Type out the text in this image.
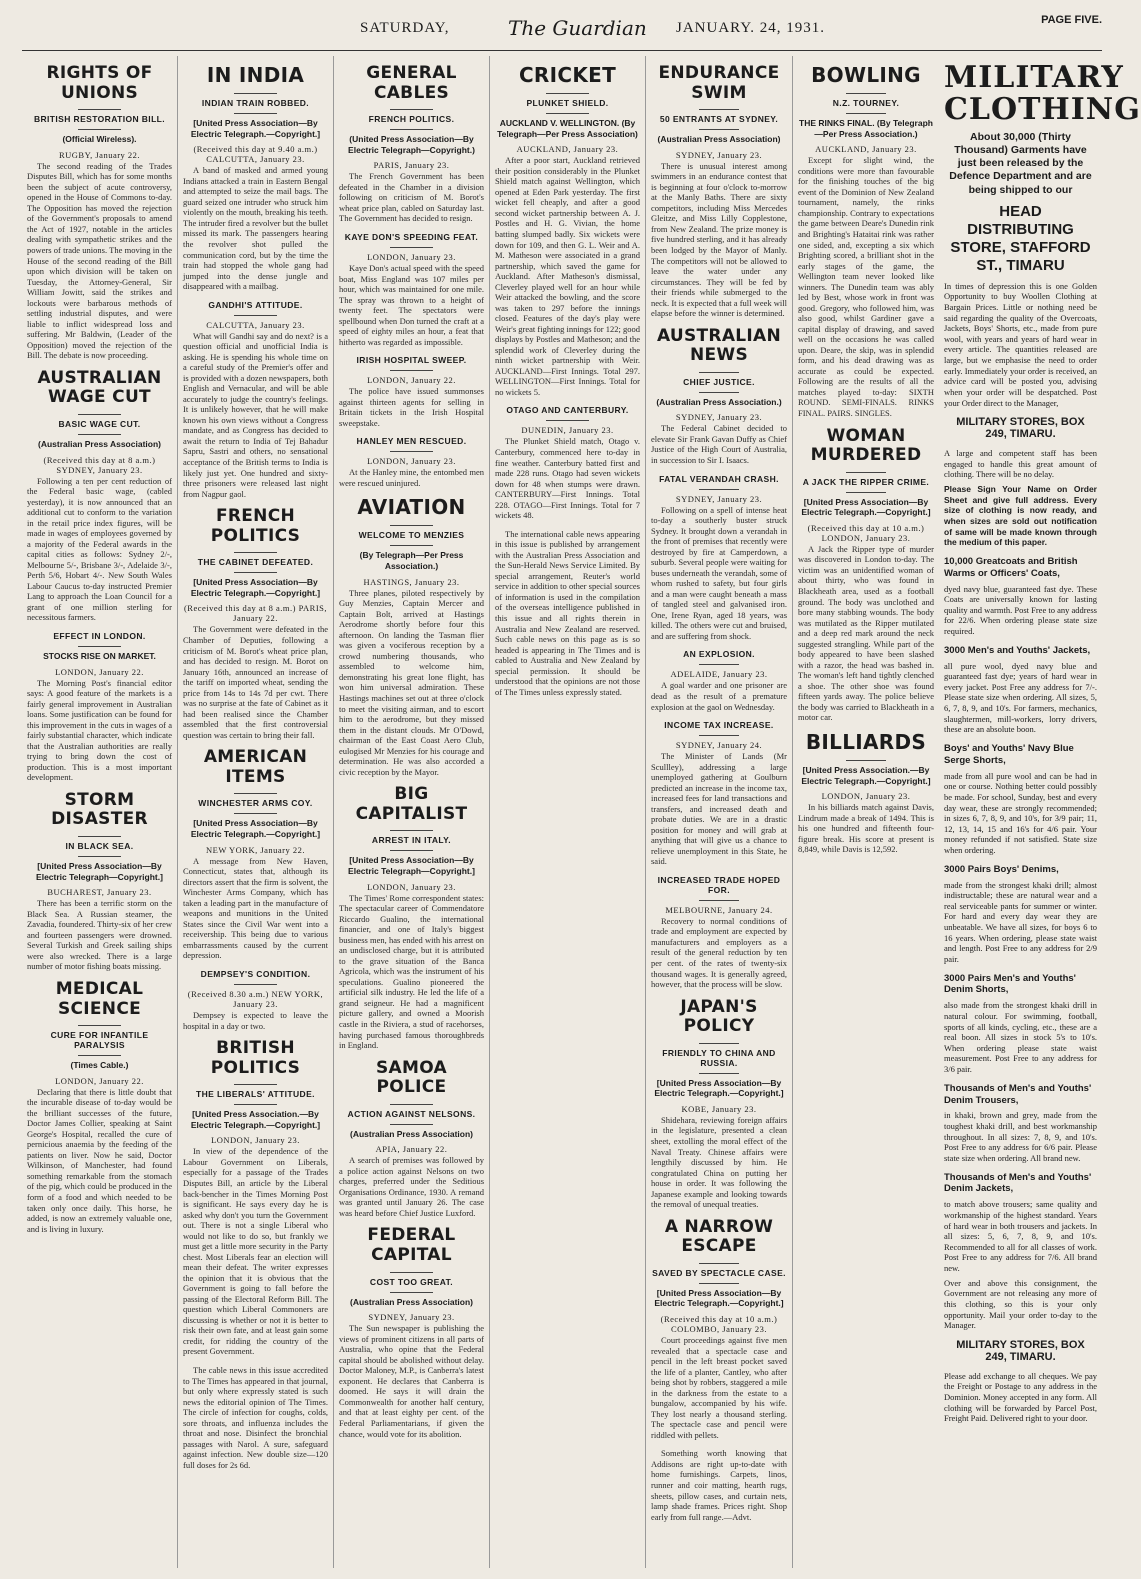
SATURDAY,	The Guardian JANUARY. 24, 1931.	PAGE FIVE.
RIGHTS OF UNIONS
BRITISH RESTORATION BILL.
(Official Wireless).
RUGBY, January 22.

The second reading of the Trades Disputes Bill, which has for some months been the subject of acute controversy, opened in the House of Commons to-day. The Opposition has moved the rejection of the Government's proposals to amend the Act of 1927, notable in the articles dealing with sympathetic strikes and the powers of trade unions. The moving in the House of the second reading of the Bill upon which division will be taken on Tuesday, the Attorney-General, Sir William Jowitt, said the strikes and lockouts were barbarous methods of settling industrial disputes, and were liable to inflict widespread loss and suffering. Mr Baldwin, (Leader of the Opposition) moved the rejection of the Bill. The debate is now proceeding.

AUSTRALIAN WAGE CUT
BASIC WAGE CUT.
(Australian Press Association)
(Received this day at 8 a.m.) SYDNEY, January 23.

Following a ten per cent reduction of the Federal basic wage, (cabled yesterday), it is now announced that an additional cut to conform to the variation in the retail price index figures, will be made in wages of employees governed by a majority of the Federal awards in the capital cities as follows: Sydney 2/-, Melbourne 5/-, Brisbane 3/-, Adelaide 3/-, Perth 5/6, Hobart 4/-. New South Wales Labour Caucus to-day instructed Premier Lang to approach the Loan Council for a grant of one million sterling for necessitous farmers.

EFFECT IN LONDON.
STOCKS RISE ON MARKET.
LONDON, January 22.

The Morning Post's financial editor says: A good feature of the markets is a fairly general improvement in Australian loans. Some justification can be found for this improvement in the cuts in wages of a fairly substantial character, which indicate that the Australian authorities are really trying to bring down the cost of production. This is a most important development.

STORM DISASTER
IN BLACK SEA.
[United Press Association—By Electric Telegraph—Copyright.]
BUCHAREST, January 23.

There has been a terrific storm on the Black Sea. A Russian steamer, the Zavadia, foundered. Thirty-six of her crew and fourteen passengers were drowned. Several Turkish and Greek sailing ships were also wrecked. There is a large number of motor fishing boats missing.

MEDICAL SCIENCE
CURE FOR INFANTILE PARALYSIS
(Times Cable.)
LONDON, January 22.

Declaring that there is little doubt that the incurable disease of to-day would be the brilliant successes of the future, Doctor James Collier, speaking at Saint George's Hospital, recalled the cure of pernicious anaemia by the feeding of the patients on liver. Now he said, Doctor Wilkinson, of Manchester, had found something remarkable from the stomach of the pig, which could be produced in the form of a food and which needed to be taken only once daily. This horse, he added, is now an extremely valuable one, and is living in luxury.

IN INDIA
INDIAN TRAIN ROBBED.
[United Press Association—By Electric Telegraph.—Copyright.]
(Received this day at 9.40 a.m.) CALCUTTA, January 23.

A band of masked and armed young Indians attacked a train in Eastern Bengal and attempted to seize the mail bags. The guard seized one intruder who struck him violently on the mouth, breaking his teeth. The intruder fired a revolver but the bullet missed its mark. The passengers hearing the revolver shot pulled the communication cord, but by the time the train had stopped the whole gang had jumped into the dense jungle and disappeared with a mailbag.

GANDHI'S ATTITUDE.
CALCUTTA, January 23.

What will Gandhi say and do next? is a question official and unofficial India is asking. He is spending his whole time on a careful study of the Premier's offer and is provided with a dozen newspapers, both English and Vernacular, and will be able accurately to judge the country's feelings. It is unlikely however, that he will make known his own views without a Congress mandate, and as Congress has decided to await the return to India of Tej Bahadur Sapru, Sastri and others, no sensational acceptance of the British terms to India is likely just yet. One hundred and sixty-three prisoners were released last night from Nagpur gaol.

FRENCH POLITICS
THE CABINET DEFEATED.
[United Press Association—By Electric Telegraph.—Copyright.]
(Received this day at 8 a.m.) PARIS, January 22.

The Government were defeated in the Chamber of Deputies, following a criticism of M. Borot's wheat price plan, and has decided to resign. M. Borot on January 16th, announced an increase of the tariff on imported wheat, sending the price from 14s to 14s 7d per cwt. There was no surprise at the fate of Cabinet as it had been realised since the Chamber assembled that the first controversial question was certain to bring their fall.

AMERICAN ITEMS
WINCHESTER ARMS COY.
[United Press Association—By Electric Telegraph.—Copyright.]
NEW YORK, January 22.

A message from New Haven, Connecticut, states that, although its directors assert that the firm is solvent, the Winchester Arms Company, which has taken a leading part in the manufacture of weapons and munitions in the United States since the Civil War went into a receivership. This being due to various embarrassments caused by the current depression.

DEMPSEY'S CONDITION.
(Received 8.30 a.m.) NEW YORK, January 23.

Dempsey is expected to leave the hospital in a day or two.

BRITISH POLITICS
THE LIBERALS' ATTITUDE.
[United Press Association.—By Electric Telegraph.—Copyright.]
LONDON, January 23.

In view of the dependence of the Labour Government on Liberals, especially for a passage of the Trades Disputes Bill, an article by the Liberal back-bencher in the Times Morning Post is significant. He says every day he is asked why don't you turn the Government out. There is not a single Liberal who would not like to do so, but frankly we must get a little more security in the Party chest. Most Liberals fear an election will mean their defeat. The writer expresses the opinion that it is obvious that the Government is going to fall before the passing of the Electoral Reform Bill. The question which Liberal Commoners are discussing is whether or not it is better to risk their own fate, and at least gain some credit, for ridding the country of the present Government.

The cable news in this issue accredited to The Times has appeared in that journal, but only where expressly stated is such news the editorial opinion of The Times. The circle of infection for coughs, colds, sore throats, and influenza includes the throat and nose. Disinfect the bronchial passages with Narol. A sure, safeguard against infection. New double size—120 full doses for 2s 6d.

GENERAL CABLES
FRENCH POLITICS.
(United Press Association—By Electric Telegraph—Copyright.)
PARIS, January 23.

The French Government has been defeated in the Chamber in a division following on criticism of M. Borot's wheat price plan, cabled on Saturday last. The Government has decided to resign.

KAYE DON'S SPEEDING FEAT.
LONDON, January 23.

Kaye Don's actual speed with the speed boat, Miss England was 107 miles per hour, which was maintained for one mile. The spray was thrown to a height of twenty feet. The spectators were spellbound when Don turned the craft at a speed of eighty miles an hour, a feat that hitherto was regarded as impossible.

IRISH HOSPITAL SWEEP.
LONDON, January 22.

The police have issued summonses against thirteen agents for selling in Britain tickets in the Irish Hospital sweepstake.

HANLEY MEN RESCUED.
LONDON, January 23.

At the Hanley mine, the entombed men were rescued uninjured.

AVIATION
WELCOME TO MENZIES
(By Telegraph—Per Press Association.)
HASTINGS, January 23.

Three planes, piloted respectively by Guy Menzies, Captain Mercer and Captain Bolt, arrived at Hastings Aerodrome shortly before four this afternoon. On landing the Tasman flier was given a vociferous reception by a crowd numbering thousands, who assembled to welcome him, demonstrating his great lone flight, has won him universal admiration. These Hastings machines set out at three o'clock to meet the visiting airman, and to escort him to the aerodrome, but they missed them in the distant clouds. Mr O'Dowd, chairman of the East Coast Aero Club, eulogised Mr Menzies for his courage and determination. He was also accorded a civic reception by the Mayor.

BIG CAPITALIST
ARREST IN ITALY.
[United Press Association—By Electric Telegraph—Copyright.]
LONDON, January 23.

The Times' Rome correspondent states: The spectacular career of Commendatore Riccardo Gualino, the international financier, and one of Italy's biggest business men, has ended with his arrest on an undisclosed charge, but it is attributed to the grave situation of the Banca Agricola, which was the instrument of his speculations. Gualino pioneered the artificial silk industry. He led the life of a grand seigneur. He had a magnificent picture gallery, and owned a Moorish castle in the Riviera, a stud of racehorses, having purchased famous thoroughbreds in England.

SAMOA POLICE
ACTION AGAINST NELSONS.
(Australian Press Association)
APIA, January 22.

A search of premises was followed by a police action against Nelsons on two charges, preferred under the Seditious Organisations Ordinance, 1930. A remand was granted until January 26. The case was heard before Chief Justice Luxford.

FEDERAL CAPITAL
COST TOO GREAT.
(Australian Press Association)
SYDNEY, January 23.

The Sun newspaper is publishing the views of prominent citizens in all parts of Australia, who opine that the Federal capital should be abolished without delay. Doctor Maloney, M.P., is Canberra's latest exponent. He declares that Canberra is doomed. He says it will drain the Commonwealth for another half century, and that at least eighty per cent. of the Federal Parliamentarians, if given the chance, would vote for its abolition.

CRICKET
PLUNKET SHIELD.
AUCKLAND V. WELLINGTON. (By Telegraph—Per Press Association)
AUCKLAND, January 23.

After a poor start, Auckland retrieved their position considerably in the Plunket Shield match against Wellington, which opened at Eden Park yesterday. The first wicket fell cheaply, and after a good second wicket partnership between A. J. Postles and H. G. Vivian, the home batting slumped badly. Six wickets were down for 109, and then G. L. Weir and A. M. Matheson were associated in a grand partnership, which saved the game for Auckland. After Matheson's dismissal, Cleverley played well for an hour while Weir attacked the bowling, and the score was taken to 297 before the innings closed. Features of the day's play were Weir's great fighting innings for 122; good displays by Postles and Matheson; and the splendid work of Cleverley during the ninth wicket partnership with Weir. AUCKLAND—First Innings. Total 297. WELLINGTON—First Innings. Total for no wickets 5.

OTAGO AND CANTERBURY.
DUNEDIN, January 23.

The Plunket Shield match, Otago v. Canterbury, commenced here to-day in fine weather. Canterbury batted first and made 228 runs. Otago had seven wickets down for 48 when stumps were drawn. CANTERBURY—First Innings. Total 228. OTAGO—First Innings. Total for 7 wickets 48.

The international cable news appearing in this issue is published by arrangement with the Australian Press Association and the Sun-Herald News Service Limited. By special arrangement, Reuter's world service in addition to other special sources of information is used in the compilation of the overseas intelligence published in this issue and all rights therein in Australia and New Zealand are reserved. Such cable news on this page as is so headed is appearing in The Times and is cabled to Australia and New Zealand by special permission. It should be understood that the opinions are not those of The Times unless expressly stated.

ENDURANCE SWIM
50 ENTRANTS AT SYDNEY.
(Australian Press Association)
SYDNEY, January 23.

There is unusual interest among swimmers in an endurance contest that is beginning at four o'clock to-morrow at the Manly Baths. There are sixty competitors, including Miss Mercedes Gleitze, and Miss Lilly Copplestone, from New Zealand. The prize money is five hundred sterling, and it has already been lodged by the Mayor of Manly. The competitors will not be allowed to leave the water under any circumstances. They will be fed by their friends while submerged to the neck. It is expected that a full week will elapse before the winner is determined.

AUSTRALIAN NEWS
CHIEF JUSTICE.
(Australian Press Association.)
SYDNEY, January 23.

The Federal Cabinet decided to elevate Sir Frank Gavan Duffy as Chief Justice of the High Court of Australia, in succession to Sir I. Isaacs.

FATAL VERANDAH CRASH.
SYDNEY, January 23.

Following on a spell of intense heat to-day a southerly buster struck Sydney. It brought down a verandah in the front of premises that recently were destroyed by fire at Camperdown, a suburb. Several people were waiting for buses underneath the verandah, some of whom rushed to safety, but four girls and a man were caught beneath a mass of tangled steel and galvanised iron. One, Irene Ryan, aged 18 years, was killed. The others were cut and bruised, and are suffering from shock.

AN EXPLOSION.
ADELAIDE, January 23.

A goal warder and one prisoner are dead as the result of a premature explosion at the gaol on Wednesday.

INCOME TAX INCREASE.
SYDNEY, January 24.

The Minister of Lands (Mr Scullley), addressing a large unemployed gathering at Goulburn predicted an increase in the income tax, increased fees for land transactions and transfers, and increased death and probate duties. We are in a drastic position for money and will grab at anything that will give us a chance to relieve unemployment in this State, he said.

INCREASED TRADE HOPED FOR.
MELBOURNE, January 24.

Recovery to normal conditions of trade and employment are expected by manufacturers and employers as a result of the general reduction by ten per cent. of the rates of twenty-six thousand wages. It is generally agreed, however, that the process will be slow.

JAPAN'S POLICY
FRIENDLY TO CHINA AND RUSSIA.
[United Press Association—By Electric Telegraph.—Copyright.]
KOBE, January 23.

Shidehara, reviewing foreign affairs in the legislature, presented a clean sheet, extolling the moral effect of the Naval Treaty. Chinese affairs were lengthily discussed by him. He congratulated China on putting her house in order. It was following the Japanese example and looking towards the removal of unequal treaties.

A NARROW ESCAPE
SAVED BY SPECTACLE CASE.
[United Press Association—By Electric Telegraph.—Copyright.]
(Received this day at 10 a.m.) COLOMBO, January 23.

Court proceedings against five men revealed that a spectacle case and pencil in the left breast pocket saved the life of a planter, Cantley, who after being shot by robbers, staggered a mile in the darkness from the estate to a bungalow, accompanied by his wife. They lost nearly a thousand sterling. The spectacle case and pencil were riddled with pellets.

Something worth knowing that Addisons are right up-to-date with home furnishings. Carpets, linos, runner and coir matting, hearth rugs, sheets, pillow cases, and curtain nets, lamp shade frames. Prices right. Shop early from full range.—Advt.

BOWLING
N.Z. TOURNEY.
THE RINKS FINAL. (By Telegraph—Per Press Association.)
AUCKLAND, January 23.

Except for slight wind, the conditions were more than favourable for the finishing touches of the big event of the Dominion of New Zealand tournament, namely, the rinks championship. Contrary to expectations the game between Deare's Dunedin rink and Brighting's Hataitai rink was rather one sided, and, excepting a six which Brighting scored, a brilliant shot in the early stages of the game, the Wellington team never looked like winners. The Dunedin team was ably led by Best, whose work in front was good. Gregory, who followed him, was also good, whilst Gardiner gave a capital display of drawing, and saved well on the occasions he was called upon. Deare, the skip, was in splendid form, and his dead drawing was as accurate as could be expected. Following are the results of all the matches played to-day: SIXTH ROUND. SEMI-FINALS. RINKS FINAL. PAIRS. SINGLES.

WOMAN MURDERED
A JACK THE RIPPER CRIME.
[United Press Association—By Electric Telegraph.—Copyright.]
(Received this day at 10 a.m.) LONDON, January 23.

A Jack the Ripper type of murder was discovered in London to-day. The victim was an unidentified woman of about thirty, who was found in Blackheath area, used as a football ground. The body was unclothed and bore many stabbing wounds. The body was mutilated as the Ripper mutilated and a deep red mark around the neck suggested strangling. While part of the body appeared to have been slashed with a razor, the head was bashed in. The woman's left hand tightly clenched a shoe. The other shoe was found fifteen yards away. The police believe the body was carried to Blackheath in a motor car.

BILLIARDS
[United Press Association.—By Electric Telegraph.—Copyright.]
LONDON, January 23.

In his billiards match against Davis, Lindrum made a break of 1494. This is his one hundred and fifteenth four-figure break. His score at present is 8,849, while Davis is 12,592.

MILITARY CLOTHING
About 30,000 (Thirty Thousand) Garments have just been released by the Defence Department and are being shipped to our
HEAD DISTRIBUTING STORE, STAFFORD ST., TIMARU
In times of depression this is one Golden Opportunity to buy Woollen Clothing at Bargain Prices. Little or nothing need be said regarding the quality of the Overcoats, Jackets, Boys' Shorts, etc., made from pure wool, with years and years of hard wear in every article. The quantities released are large, but we emphasise the need to order early. Immediately your order is received, an advice card will be posted you, advising when your order will be despatched. Post your Order direct to the Manager,
MILITARY STORES, BOX 249, TIMARU.
A large and competent staff has been engaged to handle this great amount of clothing. There will be no delay.
Please Sign Your Name on Order Sheet and give full address. Every size of clothing is now ready, and when sizes are sold out notification of same will be made known through the medium of this paper.
10,000 Greatcoats and British Warms or Officers' Coats,
dyed navy blue, guaranteed fast dye. These Coats are universally known for lasting quality and warmth. Post Free to any address for 22/6. When ordering please state size required.
3000 Men's and Youths' Jackets,
all pure wool, dyed navy blue and guaranteed fast dye; years of hard wear in every jacket. Post Free any address for 7/-. Please state size when ordering. All sizes, 5, 6, 7, 8, 9, and 10's. For farmers, mechanics, slaughtermen, mill-workers, lorry drivers, these are an absolute boon.
Boys' and Youths' Navy Blue Serge Shorts,
made from all pure wool and can be had in one or course. Nothing better could possibly be made. For school, Sunday, best and every day wear, these are strongly recommended; in sizes 6, 7, 8, 9, and 10's, for 3/9 pair; 11, 12, 13, 14, 15 and 16's for 4/6 pair. Your money refunded if not satisfied. State size when ordering.
3000 Pairs Boys' Denims,
made from the strongest khaki drill; almost indistructable; these are natural wear and a real serviceable pants for summer or winter. For hard and every day wear they are unbeatable. We have all sizes, for boys 6 to 16 years. When ordering, please state waist and length. Post Free to any address for 2/9 pair.
3000 Pairs Men's and Youths' Denim Shorts,
also made from the strongest khaki drill in natural colour. For swimming, football, sports of all kinds, cycling, etc., these are a real boon. All sizes in stock 5's to 10's. When ordering please state waist measurement. Post Free to any address for 3/6 pair.
Thousands of Men's and Youths' Denim Trousers,
in khaki, brown and grey, made from the toughest khaki drill, and best workmanship throughout. In all sizes: 7, 8, 9, and 10's. Post Free to any address for 6/6 pair. Please state size when ordering. All brand new.
Thousands of Men's and Youths' Denim Jackets,
to match above trousers; same quality and workmanship of the highest standard. Years of hard wear in both trousers and jackets. In all sizes: 5, 6, 7, 8, 9, and 10's. Recommended to all for all classes of work. Post Free to any address for 7/6. All brand new.
Over and above this consignment, the Government are not releasing any more of this clothing, so this is your only opportunity. Mail your order to-day to the Manager.
MILITARY STORES, BOX 249, TIMARU.
Please add exchange to all cheques. We pay the Freight or Postage to any address in the Dominion. Money accepted in any form. All clothing will be forwarded by Parcel Post, Freight Paid. Delivered right to your door.
